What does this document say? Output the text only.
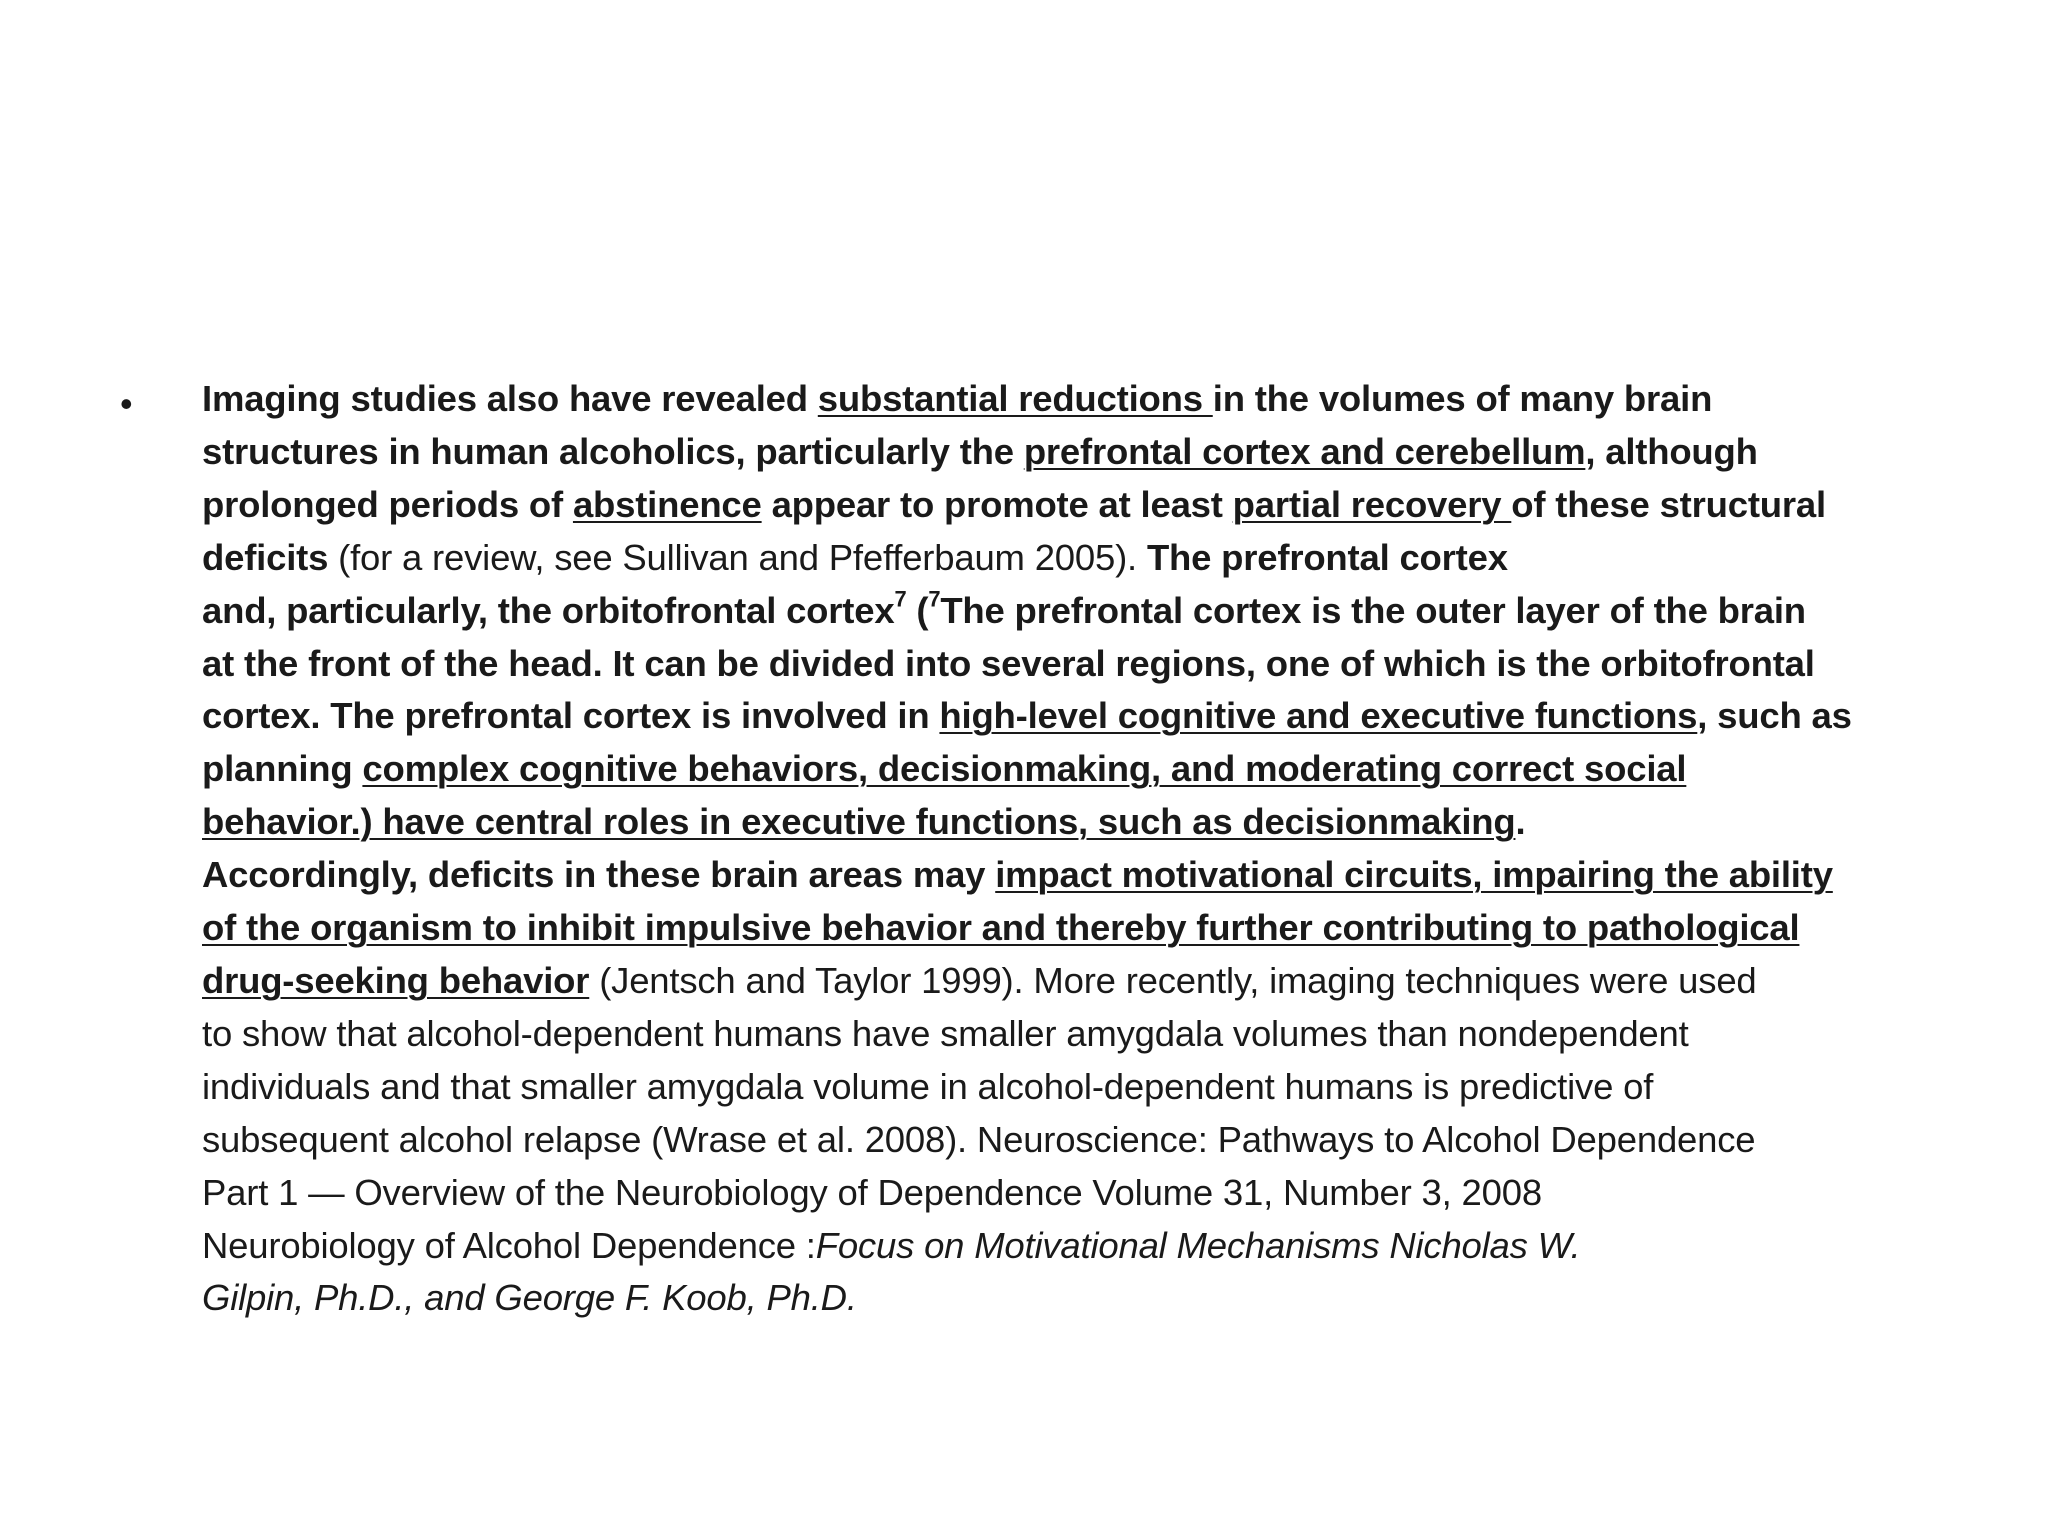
• Imaging studies also have revealed substantial reductions in the volumes of many brain
structures in human alcoholics, particularly the prefrontal cortex and cerebellum, although
prolonged periods of abstinence appear to promote at least partial recovery of these structural
deficits (for a review, see Sullivan and Pfefferbaum 2005). The prefrontal cortex
and, particularly, the orbitofrontal cortex$^7$ ($^7$The prefrontal cortex is the outer layer of the brain
at the front of the head. It can be divided into several regions, one of which is the orbitofrontal
cortex. The prefrontal cortex is involved in high-level cognitive and executive functions, such as
planning complex cognitive behaviors, decisionmaking, and moderating correct social
behavior.) have central roles in executive functions, such as decisionmaking.
Accordingly, deficits in these brain areas may impact motivational circuits, impairing the ability
of the organism to inhibit impulsive behavior and thereby further contributing to pathological
drug-seeking behavior (Jentsch and Taylor 1999). More recently, imaging techniques were used
to show that alcohol-dependent humans have smaller amygdala volumes than nondependent
individuals and that smaller amygdala volume in alcohol-dependent humans is predictive of
subsequent alcohol relapse (Wrase et al. 2008). Neuroscience: Pathways to Alcohol Dependence
Part 1 — Overview of the Neurobiology of Dependence Volume 31, Number 3, 2008
Neurobiology of Alcohol Dependence :Focus on Motivational Mechanisms Nicholas W.
Gilpin, Ph.D., and George F. Koob, Ph.D.
